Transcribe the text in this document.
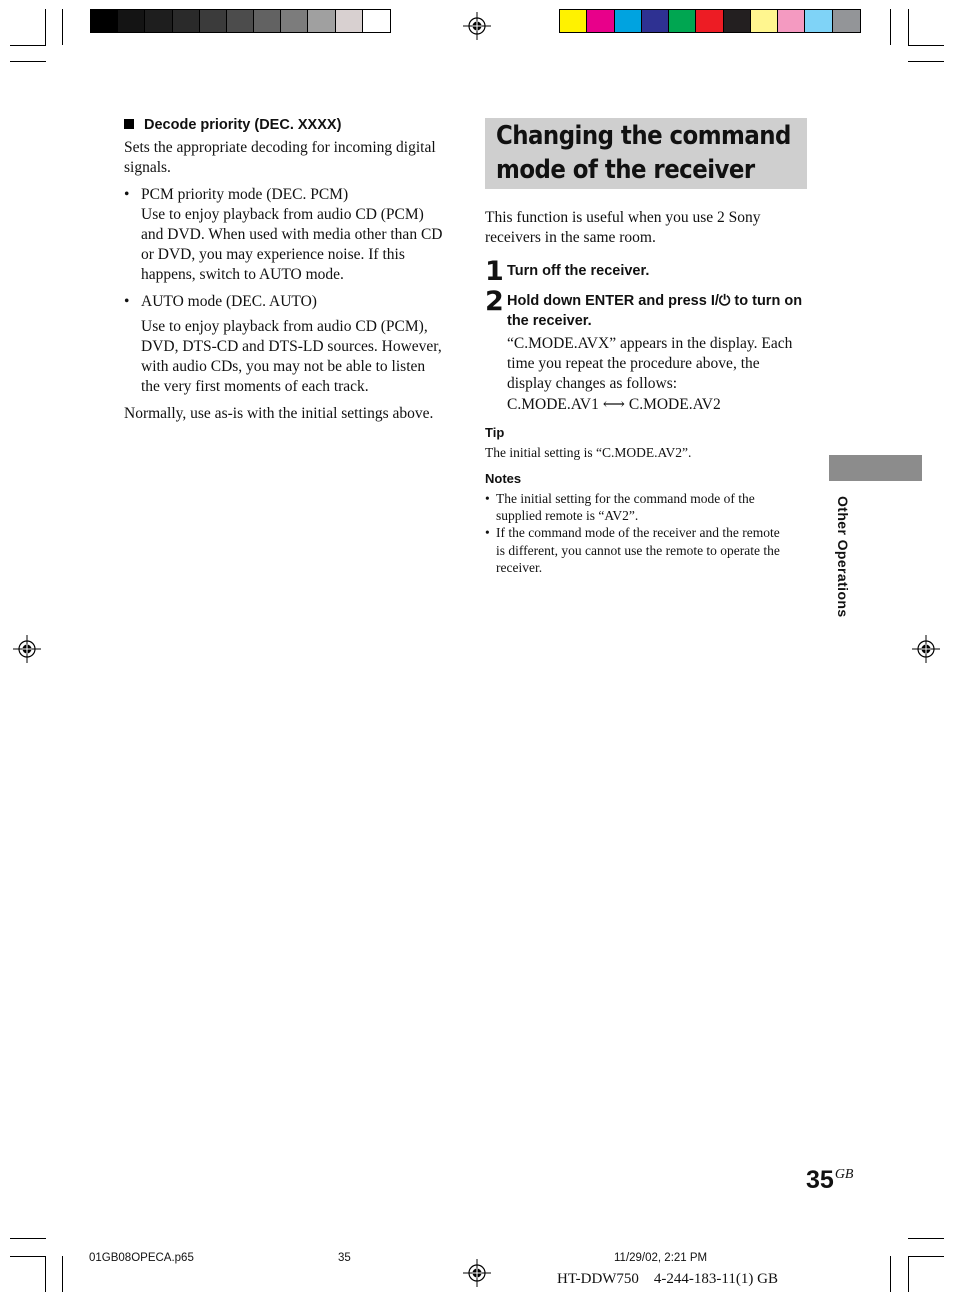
Decode priority (DEC. XXXX)

Sets the appropriate decoding for incoming digital signals.

• PCM priority mode (DEC. PCM)
Use to enjoy playback from audio CD (PCM) and DVD. When used with media other than CD or DVD, you may experience noise. If this happens, switch to AUTO mode.
• AUTO mode (DEC. AUTO)
Use to enjoy playback from audio CD (PCM), DVD, DTS-CD and DTS-LD sources. However, with audio CDs, you may not be able to listen the very first moments of each track.

Normally, use as-is with the initial settings above.

Changing the command
mode of the receiver
This function is useful when you use 2 Sony receivers in the same room.
1 Turn off the receiver.
2 Hold down ENTER and press I/⏻ to turn on the receiver.
“C.MODE.AVX” appears in the display. Each time you repeat the procedure above, the display changes as follows:
C.MODE.AV1 ⟷ C.MODE.AV2
Tip
The initial setting is “C.MODE.AV2”.
Notes
• The initial setting for the command mode of the supplied remote is “AV2”.
• If the command mode of the receiver and the remote is different, you cannot use the remote to operate the receiver.	Other Operations
$35^{GB}$
01GB08OPECA.p65	35	11/29/02, 2:21 PM
HT-DDW750    4-244-183-11(1) GB
